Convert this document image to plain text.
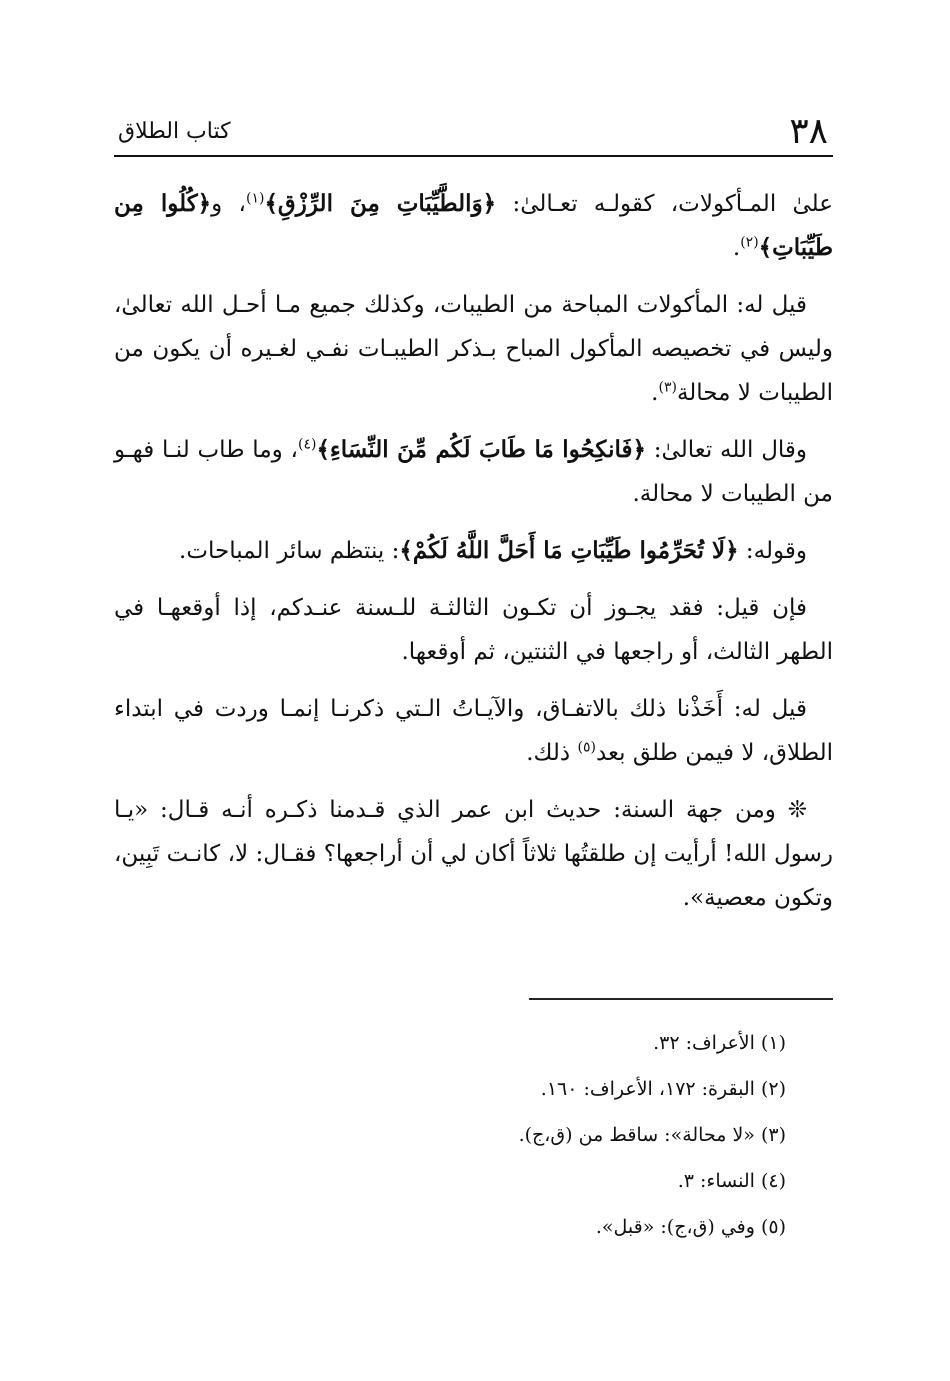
٣٨
كتاب الطلاق

علىٰ المـأكولات، كقولـه تعـالىٰ: ﴿وَالطَّيِّبَاتِ مِنَ الرِّزْقِ﴾$^{(١)}$، و﴿كُلُوا مِن طَيِّبَاتِ﴾$^{(٢)}$.

قيل له: المأكولات المباحة من الطيبات، وكذلك جميع مـا أحـل الله تعالىٰ، وليس في تخصيصه المأكول المباح بـذكر الطيبـات نفـي لغـيره أن يكون من الطيبات لا محالة$^{(٣)}$.

وقال الله تعالىٰ: ﴿فَانكِحُوا مَا طَابَ لَكُم مِّنَ النِّسَاءِ﴾$^{(٤)}$، وما طاب لنـا فهـو من الطيبات لا محالة.

وقوله: ﴿لَا تُحَرِّمُوا طَيِّبَاتِ مَا أَحَلَّ اللَّهُ لَكُمْ﴾: ينتظم سائر المباحات.

فإن قيل: فقد يجـوز أن تكـون الثالثـة للـسنة عنـدكم، إذا أوقعهـا في الطهر الثالث، أو راجعها في الثنتين، ثم أوقعها.

قيل له: أَخَذْنا ذلك بالاتفـاق، والآيـاتُ الـتي ذكرنـا إنمـا وردت في ابتداء الطلاق، لا فيمن طلق بعد$^{(٥)}$ ذلك.

❊ ومن جهة السنة: حديث ابن عمر الذي قـدمنا ذكـره أنـه قـال: «يـا رسول الله! أرأيت إن طلقتُها ثلاثاً أكان لي أن أراجعها؟ فقـال: لا، كانـت تَبِين، وتكون معصية».

(١) الأعراف: ٣٢.
(٢) البقرة: ١٧٢، الأعراف: ١٦٠.
(٣) «لا محالة»: ساقط من (ق،ج).
(٤) النساء: ٣.
(٥) وفي (ق،ج): «قبل».
